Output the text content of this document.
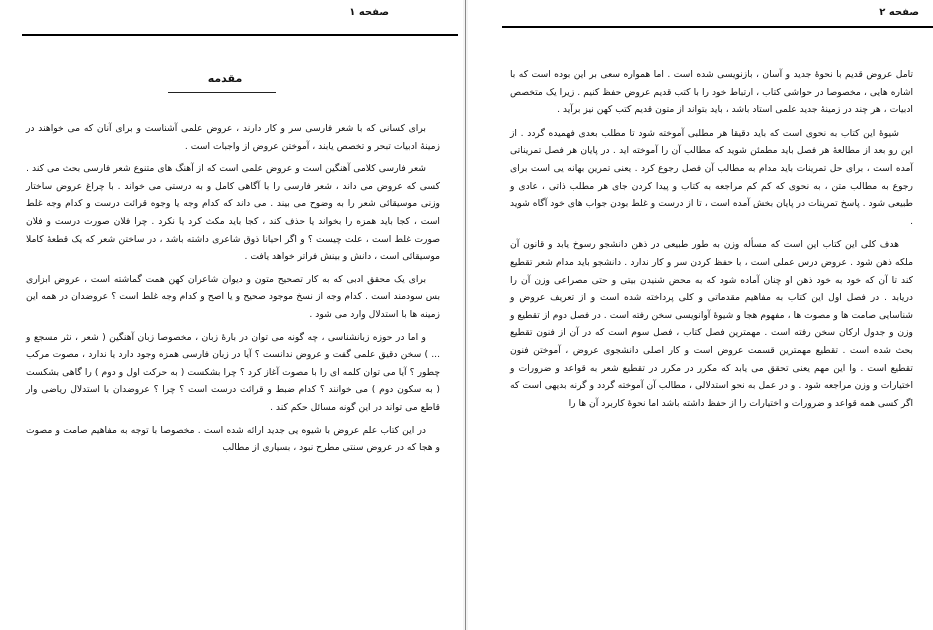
صفحه ۱
مقدمه

برای کسانی که با شعر فارسی سر و کار دارند ، عروض علمی آشناست و برای آنان که می خواهند در زمینهٔ ادبیات تبحر و تخصص یابند ، آموختن عروض از واجبات است .

شعر فارسی کلامی آهنگین است و عروض علمی است که از آهنگ های متنوع شعر فارسی بحث می کند . کسی که عروض می داند ، شعر فارسی را با آگاهی کامل و به درستی می خواند . با چراغ عروض ساختار وزنی موسیقائی شعر را به وضوح می بیند . می داند که کدام وجه یا وجوه قرائت درست و کدام وجه غلط است ، کجا باید همزه را بخواند یا حذف کند ، کجا باید مکث کرد یا نکرد . چرا فلان صورت درست و فلان صورت غلط است ، علت چیست ؟ و اگر احیانا ذوق شاعری داشته باشد ، در ساختن شعر که یک قطعهٔ کاملا موسیقائی است ، دانش و بینش فراتر خواهد یافت .

برای یک محقق ادبی که به کار تصحیح متون و دیوان شاعران کهن همت گماشته است ، عروض ابزاری بس سودمند است . کدام وجه از نسخ موجود صحیح و یا اصح و کدام وجه غلط است ؟ عروضدان در همه این زمینه ها با استدلال وارد می شود .

و اما در حوزه زبانشناسی ، چه گونه می توان در بارهٔ زبان ، مخصوصا زبان آهنگین ( شعر ، نثر مسجع و ... ) سخن دقیق علمی گفت و عروض ندانست ؟ آیا در زبان فارسی همزه وجود دارد یا ندارد ، مصوت مرکب چطور ؟ آیا می توان کلمه ای را با مصوت آغاز کرد ؟ چرا بشکست ( به حرکت اول و دوم ) را گاهی بشکست ( به سکون دوم ) می خوانند ؟ کدام ضبط و قرائت درست است ؟ چرا ؟ عروضدان با استدلال ریاضی وار قاطع می تواند در این گونه مسائل حکم کند .

در این کتاب علم عروض با شیوه یی جدید ارائه شده است . مخصوصا با توجه به مفاهیم صامت و مصوت و هجا که در عروض سنتی مطرح نبود ، بسیاری از مطالب

صفحه ۲

تامل عروض قدیم با نحوهٔ جدید و آسان ، بازنویسی شده است . اما همواره سعی بر این بوده است که با اشاره هایی ، مخصوصا در حواشی کتاب ، ارتباط خود را با کتب قدیم عروض حفظ کنیم . زیرا یک متخصص ادبیات ، هر چند در زمینهٔ جدید علمی استاد باشد ، باید بتواند از متون قدیم کتب کهن نیز برآید .

شیوهٔ این کتاب به نحوی است که باید دقیقا هر مطلبی آموخته شود تا مطلب بعدی فهمیده گردد . از این رو بعد از مطالعهٔ هر فصل باید مطمئن شوید که مطالب آن را آموخته اید . در پایان هر فصل تمریناتی آمده است ، برای حل تمرینات باید مدام به مطالب آن فصل رجوع کرد . یعنی تمرین بهانه یی است برای رجوع به مطالب متن ، به نحوی که کم کم مراجعه به کتاب و پیدا کردن جای هر مطلب ذاتی ، عادی و طبیعی شود . پاسخ تمرینات در پایان بخش آمده است ، تا از درست و غلط بودن جواب های خود آگاه شوید .

هدف کلی این کتاب این است که مسأله وزن به طور طبیعی در ذهن دانشجو رسوخ یابد و قانون آن ملکه ذهن شود . عروض درس عملی است ، با حفظ کردن سر و کار ندارد . دانشجو باید مدام شعر تقطیع کند تا آن که خود به خود ذهن او چنان آماده شود که به محض شنیدن بیتی و حتی مصراعی وزن آن را دریابد . در فصل اول این کتاب به مفاهیم مقدماتی و کلی پرداخته شده است و از تعریف عروض و شناسایی صامت ها و مصوت ها ، مفهوم هجا و شیوهٔ آوانویسی سخن رفته است . در فصل دوم از تقطیع و وزن و جدول ارکان سخن رفته است . مهمترین فصل کتاب ، فصل سوم است که در آن از فنون تقطیع بحث شده است . تقطیع مهمترین قسمت عروض است و کار اصلی دانشجوی عروض ، آموختن فنون تقطیع است . وا این مهم یعنی تحقق می یابد که مکرر در مکرر در تقطیع شعر به قواعد و ضرورات و اختیارات و وزن مراجعه شود . و در عمل به نحو استدلالی ، مطالب آن آموخته گردد و گرنه بدیهی است که اگر کسی همه قواعد و ضرورات و اختیارات را از حفظ داشته باشد اما نحوهٔ کاربرد آن ها را
